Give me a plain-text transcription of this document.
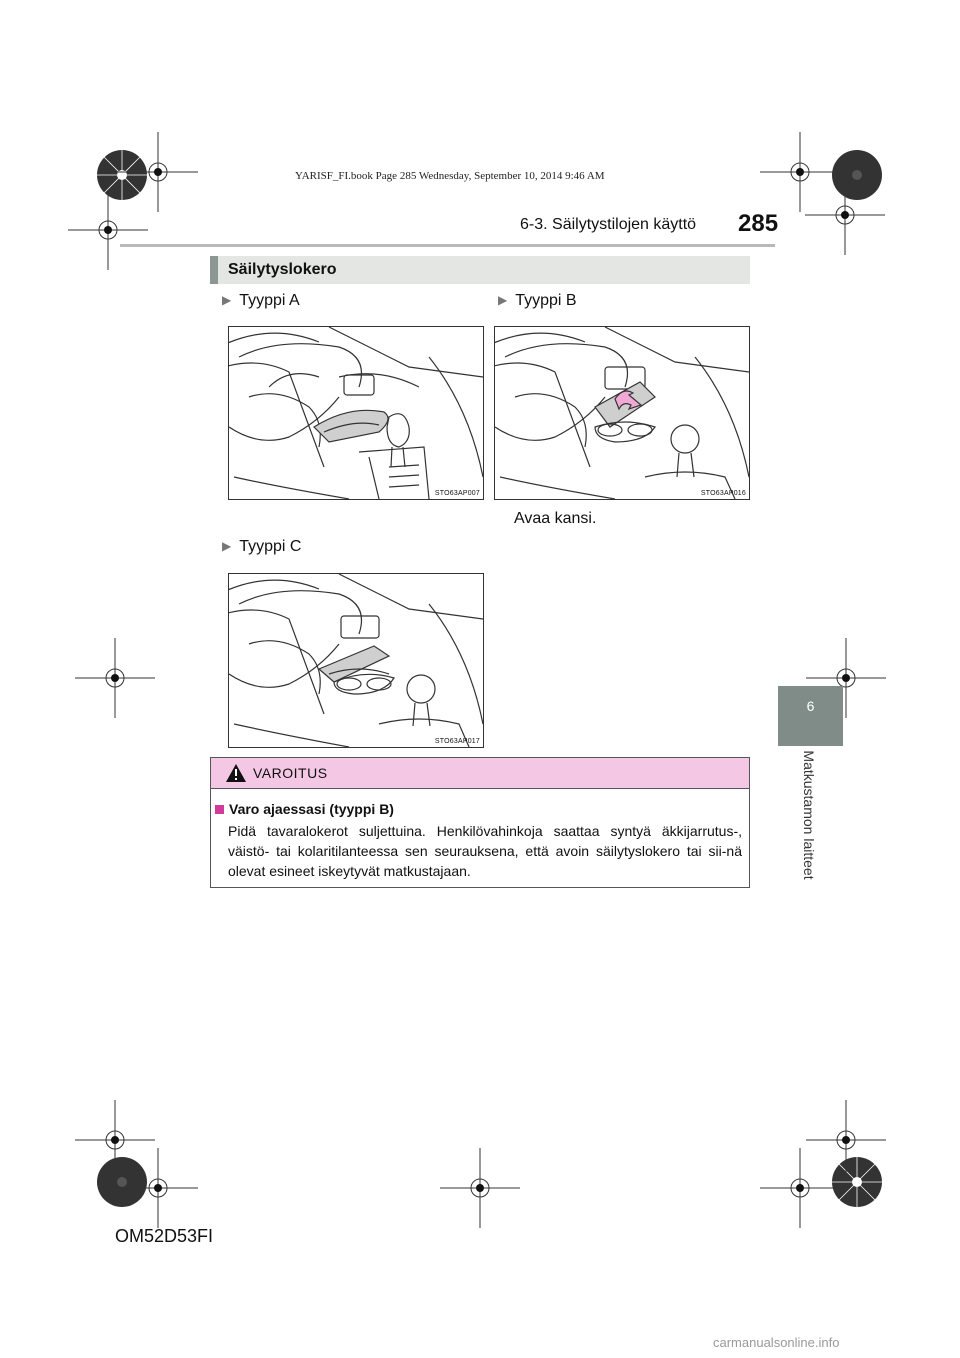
YARISF_FI.book Page 285 Wednesday, September 10, 2014 9:46 AM
6-3. Säilytystilojen käyttö 285
6
Matkustamon laitteet
Säilytyslokero
▶ Tyyppi A
STO63AP007
▶ Tyyppi B
STO63AP016
Avaa kansi.
▶ Tyyppi C
STO63AP017
VAROITUS
Varo ajaessasi (tyyppi B)
Pidä tavaralokerot suljettuina. Henkilövahinkoja saattaa syntyä äkkijarrutus-, väistö- tai kolaritilanteessa sen seurauksena, että avoin säilytyslokero tai sii-nä olevat esineet iskeytyvät matkustajaan.
OM52D53FI
carmanualsonline.info
